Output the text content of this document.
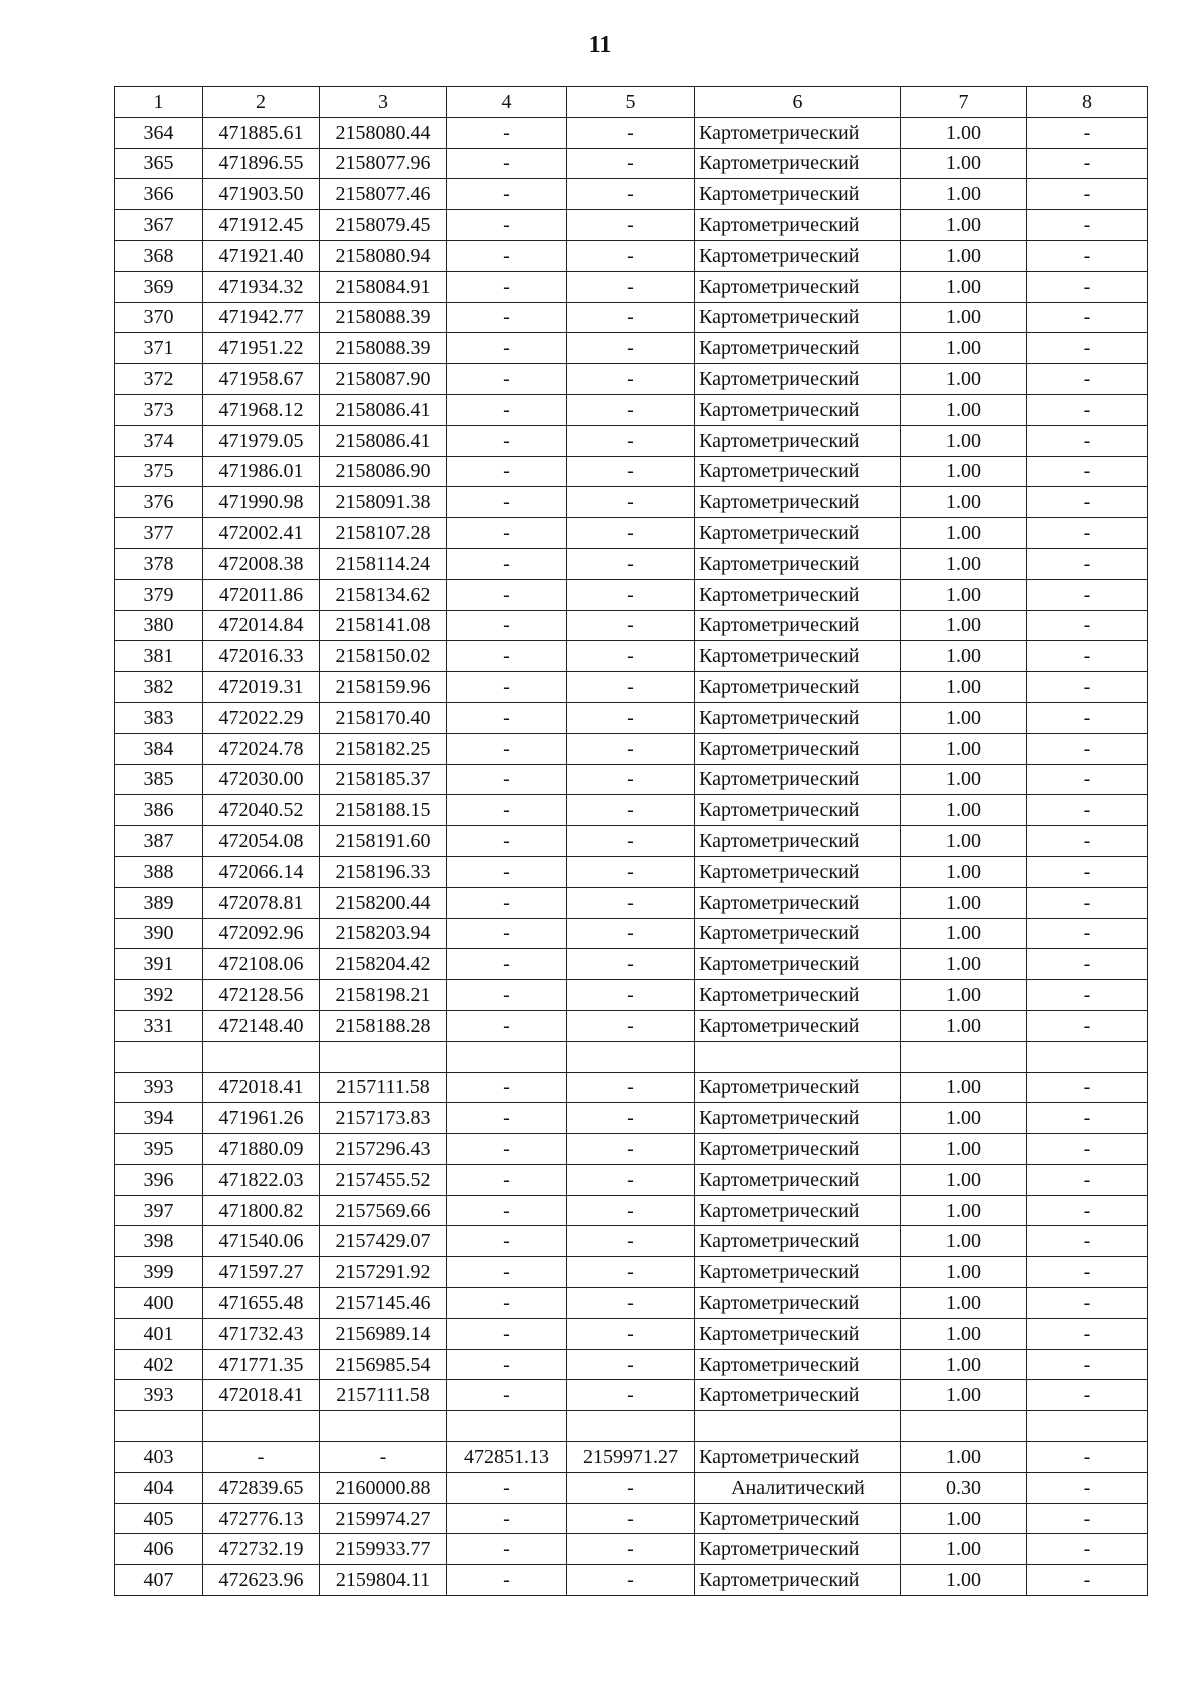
11
1	2	3	4	5	6	7	8
364	471885.61	2158080.44	-	-	Картометрический	1.00	-
365	471896.55	2158077.96	-	-	Картометрический	1.00	-
366	471903.50	2158077.46	-	-	Картометрический	1.00	-
367	471912.45	2158079.45	-	-	Картометрический	1.00	-
368	471921.40	2158080.94	-	-	Картометрический	1.00	-
369	471934.32	2158084.91	-	-	Картометрический	1.00	-
370	471942.77	2158088.39	-	-	Картометрический	1.00	-
371	471951.22	2158088.39	-	-	Картометрический	1.00	-
372	471958.67	2158087.90	-	-	Картометрический	1.00	-
373	471968.12	2158086.41	-	-	Картометрический	1.00	-
374	471979.05	2158086.41	-	-	Картометрический	1.00	-
375	471986.01	2158086.90	-	-	Картометрический	1.00	-
376	471990.98	2158091.38	-	-	Картометрический	1.00	-
377	472002.41	2158107.28	-	-	Картометрический	1.00	-
378	472008.38	2158114.24	-	-	Картометрический	1.00	-
379	472011.86	2158134.62	-	-	Картометрический	1.00	-
380	472014.84	2158141.08	-	-	Картометрический	1.00	-
381	472016.33	2158150.02	-	-	Картометрический	1.00	-
382	472019.31	2158159.96	-	-	Картометрический	1.00	-
383	472022.29	2158170.40	-	-	Картометрический	1.00	-
384	472024.78	2158182.25	-	-	Картометрический	1.00	-
385	472030.00	2158185.37	-	-	Картометрический	1.00	-
386	472040.52	2158188.15	-	-	Картометрический	1.00	-
387	472054.08	2158191.60	-	-	Картометрический	1.00	-
388	472066.14	2158196.33	-	-	Картометрический	1.00	-
389	472078.81	2158200.44	-	-	Картометрический	1.00	-
390	472092.96	2158203.94	-	-	Картометрический	1.00	-
391	472108.06	2158204.42	-	-	Картометрический	1.00	-
392	472128.56	2158198.21	-	-	Картометрический	1.00	-
331	472148.40	2158188.28	-	-	Картометрический	1.00	-

393	472018.41	2157111.58	-	-	Картометрический	1.00	-
394	471961.26	2157173.83	-	-	Картометрический	1.00	-
395	471880.09	2157296.43	-	-	Картометрический	1.00	-
396	471822.03	2157455.52	-	-	Картометрический	1.00	-
397	471800.82	2157569.66	-	-	Картометрический	1.00	-
398	471540.06	2157429.07	-	-	Картометрический	1.00	-
399	471597.27	2157291.92	-	-	Картометрический	1.00	-
400	471655.48	2157145.46	-	-	Картометрический	1.00	-
401	471732.43	2156989.14	-	-	Картометрический	1.00	-
402	471771.35	2156985.54	-	-	Картометрический	1.00	-
393	472018.41	2157111.58	-	-	Картометрический	1.00	-

403	-	-	472851.13	2159971.27	Картометрический	1.00	-
404	472839.65	2160000.88	-	-	Аналитический	0.30	-
405	472776.13	2159974.27	-	-	Картометрический	1.00	-
406	472732.19	2159933.77	-	-	Картометрический	1.00	-
407	472623.96	2159804.11	-	-	Картометрический	1.00	-
